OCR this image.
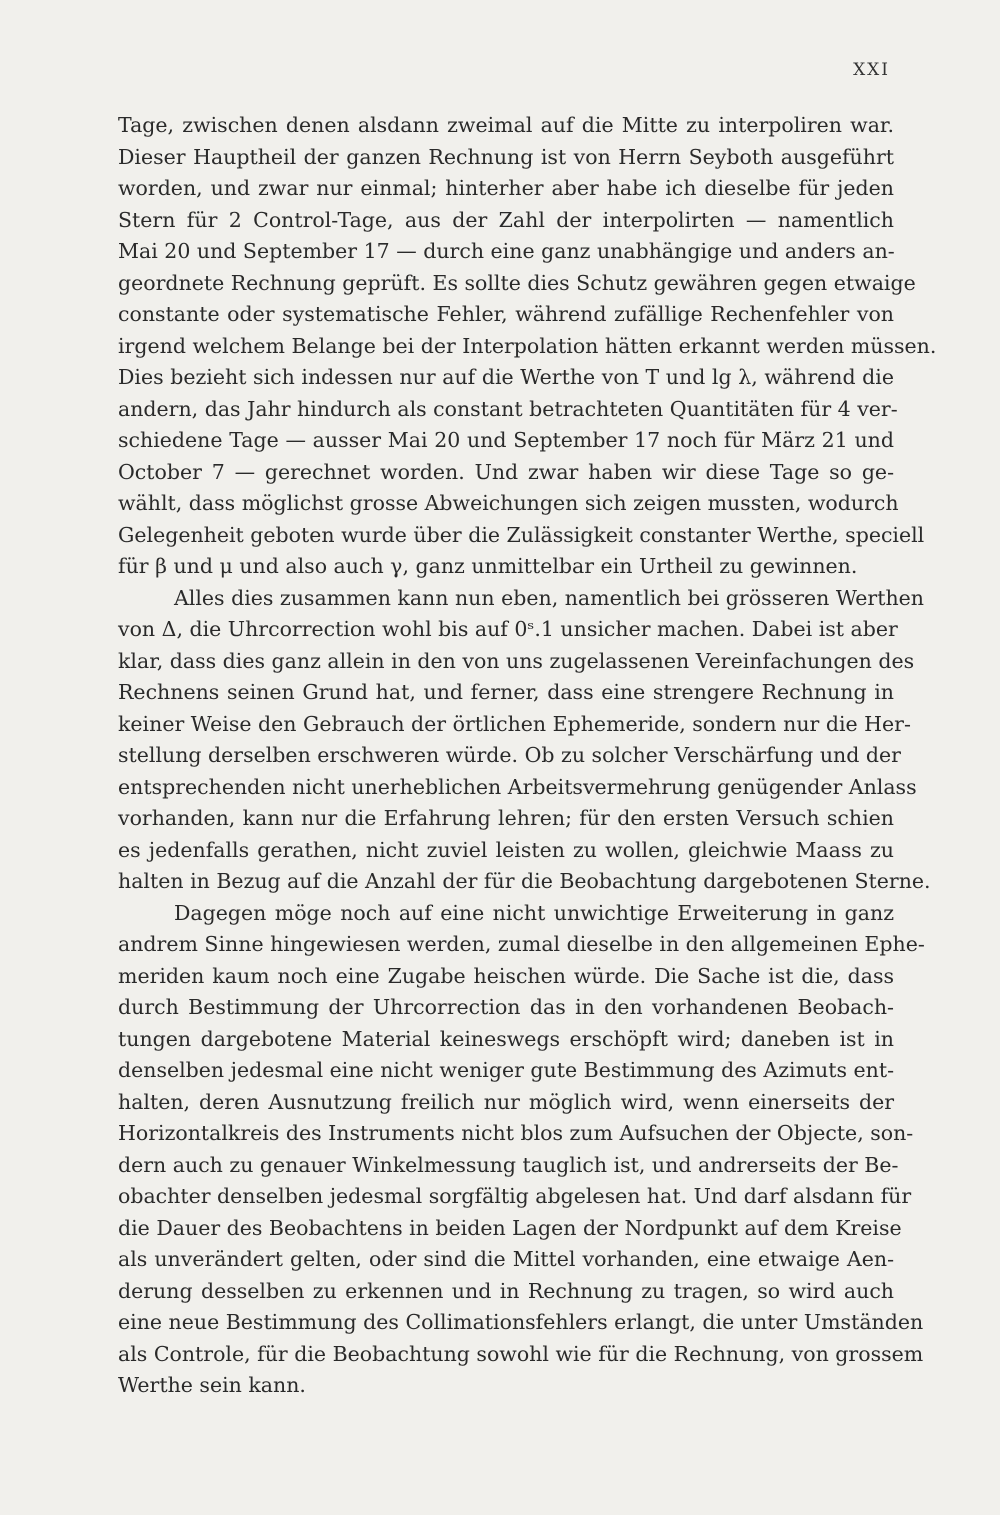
XXI

Tage, zwischen denen alsdann zweimal auf die Mitte zu interpoliren war.
Dieser Hauptheil der ganzen Rechnung ist von Herrn Seyboth ausgeführt
worden, und zwar nur einmal; hinterher aber habe ich dieselbe für jeden
Stern für 2 Control-Tage, aus der Zahl der interpolirten — namentlich
Mai 20 und September 17 — durch eine ganz unabhängige und anders an-
geordnete Rechnung geprüft. Es sollte dies Schutz gewähren gegen etwaige
constante oder systematische Fehler, während zufällige Rechenfehler von
irgend welchem Belange bei der Interpolation hätten erkannt werden müssen.
Dies bezieht sich indessen nur auf die Werthe von T und lg λ, während die
andern, das Jahr hindurch als constant betrachteten Quantitäten für 4 ver-
schiedene Tage — ausser Mai 20 und September 17 noch für März 21 und
October 7 — gerechnet worden. Und zwar haben wir diese Tage so ge-
wählt, dass möglichst grosse Abweichungen sich zeigen mussten, wodurch
Gelegenheit geboten wurde über die Zulässigkeit constanter Werthe, speciell
für β und μ und also auch γ, ganz unmittelbar ein Urtheil zu gewinnen.

Alles dies zusammen kann nun eben, namentlich bei grösseren Werthen
von Δ, die Uhrcorrection wohl bis auf 0ˢ.1 unsicher machen. Dabei ist aber
klar, dass dies ganz allein in den von uns zugelassenen Vereinfachungen des
Rechnens seinen Grund hat, und ferner, dass eine strengere Rechnung in
keiner Weise den Gebrauch der örtlichen Ephemeride, sondern nur die Her-
stellung derselben erschweren würde. Ob zu solcher Verschärfung und der
entsprechenden nicht unerheblichen Arbeitsvermehrung genügender Anlass
vorhanden, kann nur die Erfahrung lehren; für den ersten Versuch schien
es jedenfalls gerathen, nicht zuviel leisten zu wollen, gleichwie Maass zu
halten in Bezug auf die Anzahl der für die Beobachtung dargebotenen Sterne.

Dagegen möge noch auf eine nicht unwichtige Erweiterung in ganz
andrem Sinne hingewiesen werden, zumal dieselbe in den allgemeinen Ephe-
meriden kaum noch eine Zugabe heischen würde. Die Sache ist die, dass
durch Bestimmung der Uhrcorrection das in den vorhandenen Beobach-
tungen dargebotene Material keineswegs erschöpft wird; daneben ist in
denselben jedesmal eine nicht weniger gute Bestimmung des Azimuts ent-
halten, deren Ausnutzung freilich nur möglich wird, wenn einerseits der
Horizontalkreis des Instruments nicht blos zum Aufsuchen der Objecte, son-
dern auch zu genauer Winkelmessung tauglich ist, und andrerseits der Be-
obachter denselben jedesmal sorgfältig abgelesen hat. Und darf alsdann für
die Dauer des Beobachtens in beiden Lagen der Nordpunkt auf dem Kreise
als unverändert gelten, oder sind die Mittel vorhanden, eine etwaige Aen-
derung desselben zu erkennen und in Rechnung zu tragen, so wird auch
eine neue Bestimmung des Collimationsfehlers erlangt, die unter Umständen
als Controle, für die Beobachtung sowohl wie für die Rechnung, von grossem
Werthe sein kann.
